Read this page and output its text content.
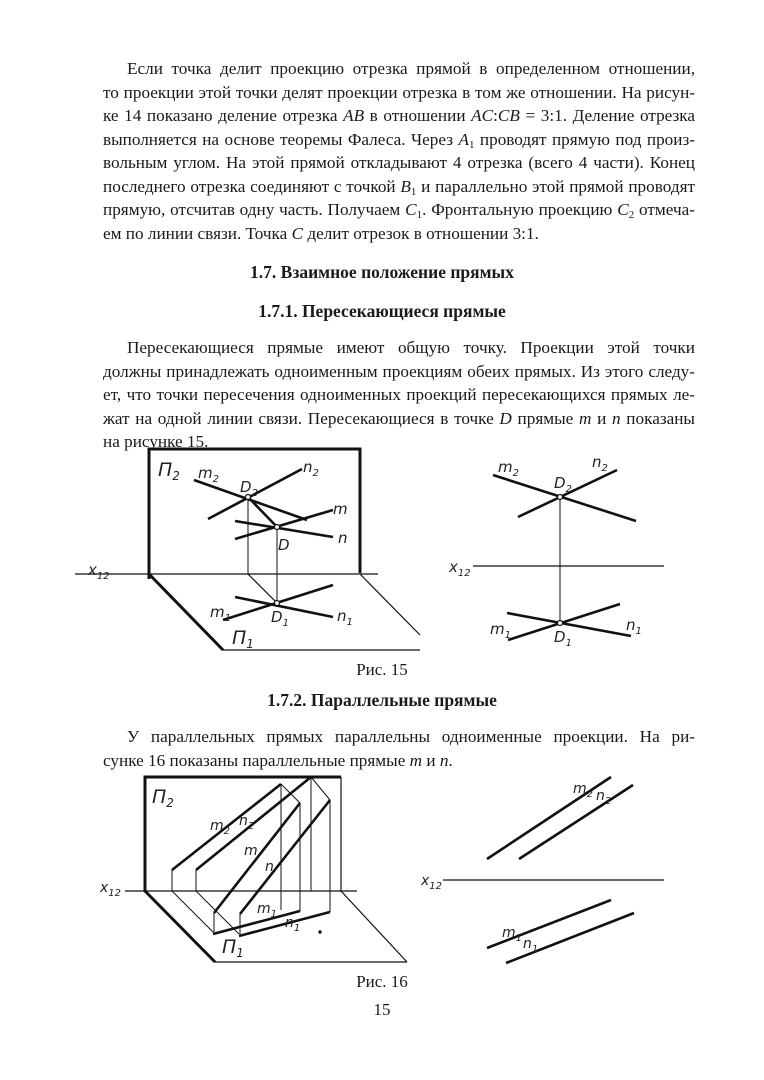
Если точка делит проекцию отрезка прямой в определенном отношении,
то проекции этой точки делят проекции отрезка в том же отношении. На рисун-
ке 14 показано деление отрезка AB в отношении AC:CB = 3:1. Деление отрезка
выполняется на основе теоремы Фалеса. Через $A_1$ проводят прямую под произ-
вольным углом. На этой прямой откладывают 4 отрезка (всего 4 части). Конец
последнего отрезка соединяют с точкой $B_1$ и параллельно этой прямой проводят
прямую, отсчитав одну часть. Получаем $C_1$. Фронтальную проекцию $C_2$ отмеча-
ем по линии связи. Точка C делит отрезок в отношении 3:1.
1.7. Взаимное положение прямых
1.7.1. Пересекающиеся прямые
Пересекающиеся прямые имеют общую точку. Проекции этой точки
должны принадлежать одноименным проекциям обеих прямых. Из этого следу-
ет, что точки пересечения одноименных проекций пересекающихся прямых ле-
жат на одной линии связи. Пересекающиеся в точке D прямые m и n показаны
на рисунке 15.
$П_2$ $m_2$
$n_2$
$D_2$
m
n
D
$m_1$	$n_1$
$D_1$
$П_1$
$x_{12}$
$m_2$
$n_2$
$D_2$
$x_{12}$
$m_1$
$n_1$
$D_1$

Рис. 15

1.7.2. Параллельные прямые
У параллельных прямых параллельны одноименные проекции. На ри-
сунке 16 показаны параллельные прямые m и n.
$П_2$
$m_2$
$n_2$
m
n
$m_1$
$n_1$
$П_1$
$x_{12}$
$m_2$ $n_2$
$x_{12}$
$m_1$ $n_1$

Рис. 16

15
